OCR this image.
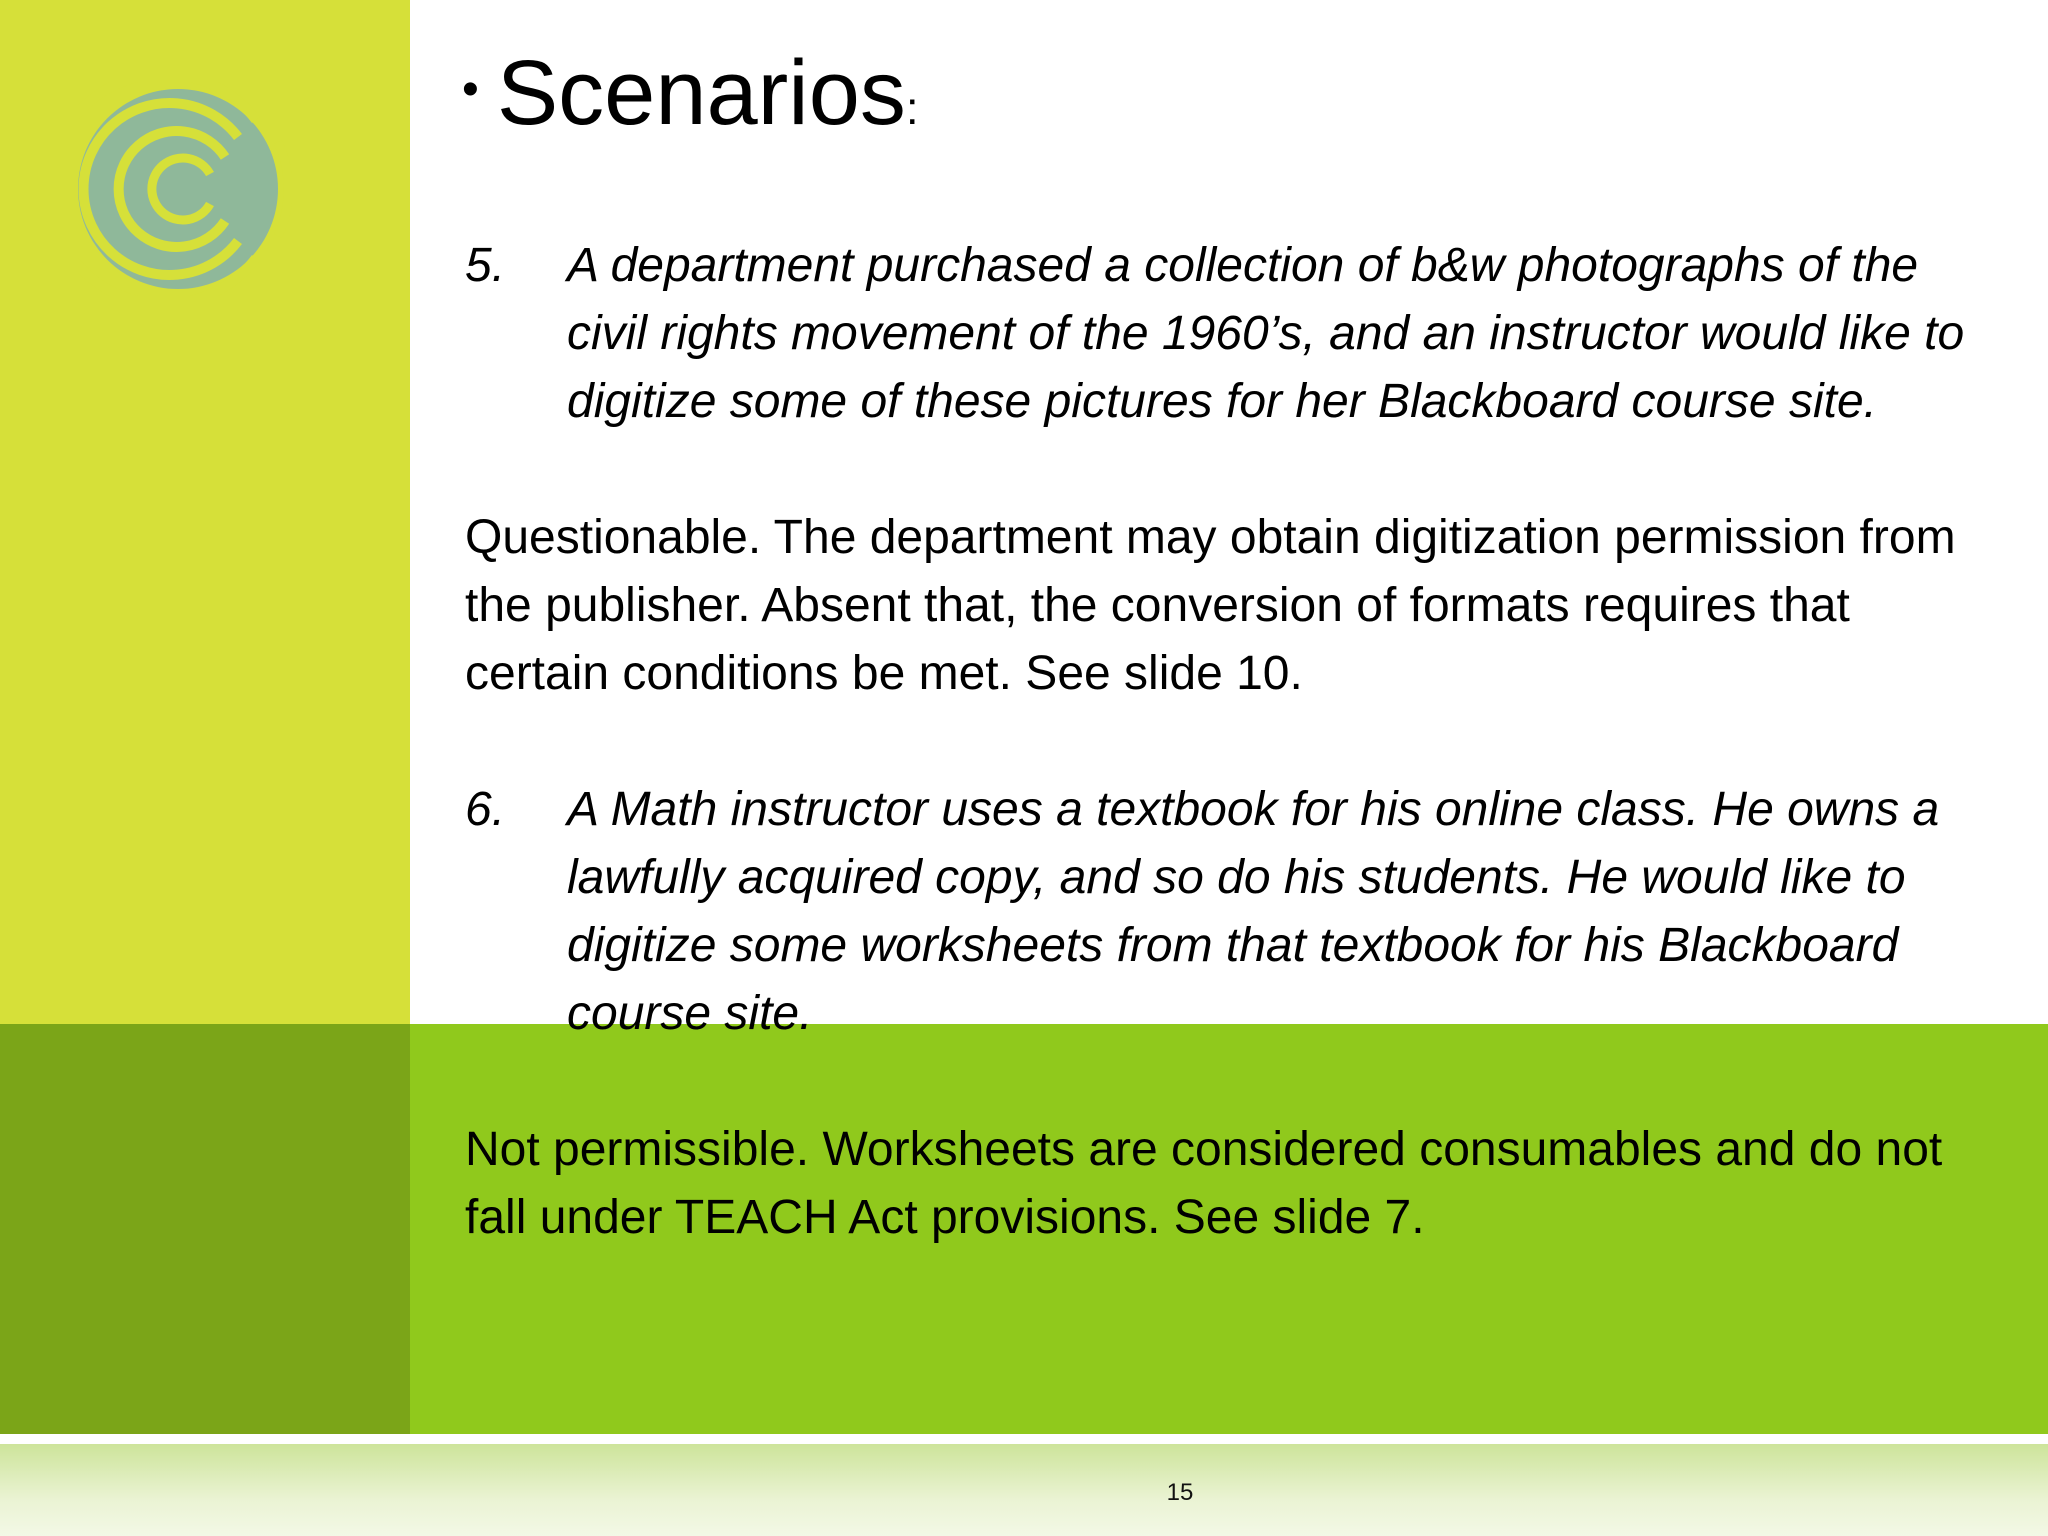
• Scenarios:
5.	A department purchased a collection of b&w photographs of the civil rights movement of the 1960’s, and an instructor would like to digitize some of these pictures for her Blackboard course site.

Questionable. The department may obtain digitization permission from the publisher. Absent that, the conversion of formats requires that certain conditions be met. See slide 10.

6.	A Math instructor uses a textbook for his online class. He owns a lawfully acquired copy, and so do his students. He would like to digitize some worksheets from that textbook for his Blackboard course site.

Not permissible. Worksheets are considered consumables and do not fall under TEACH Act provisions. See slide 7.

15
